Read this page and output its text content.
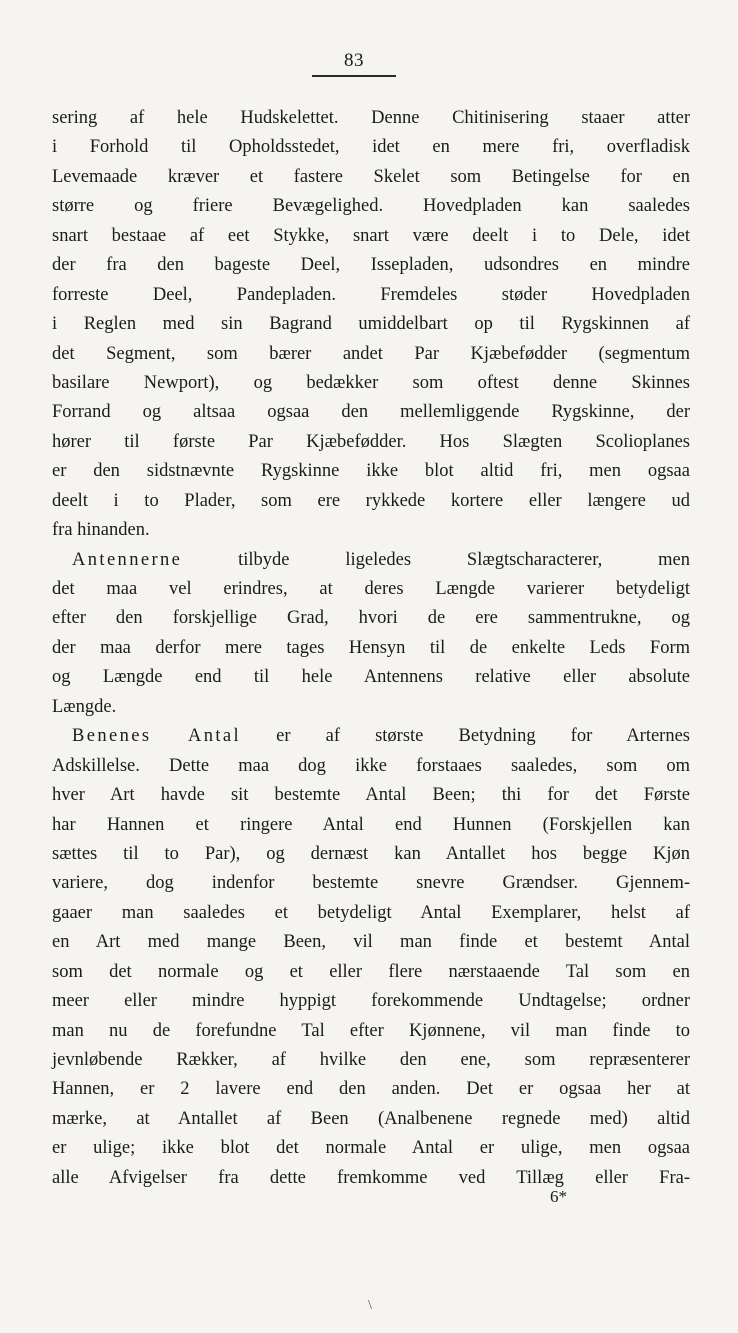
83
sering af hele Hudskelettet. Denne Chitinisering staaer atter
i Forhold til Opholdsstedet, idet en mere fri, overfladisk
Levemaade kræver et fastere Skelet som Betingelse for en
større og friere Bevægelighed. Hovedpladen kan saaledes
snart bestaae af eet Stykke, snart være deelt i to Dele, idet
der fra den bageste Deel, Issepladen, udsondres en mindre
forreste Deel, Pandepladen. Fremdeles støder Hovedpladen
i Reglen med sin Bagrand umiddelbart op til Rygskinnen af
det Segment, som bærer andet Par Kjæbefødder (segmentum
basilare Newport), og bedækker som oftest denne Skinnes
Forrand og altsaa ogsaa den mellemliggende Rygskinne, der
hører til første Par Kjæbefødder. Hos Slægten Scolioplanes
er den sidstnævnte Rygskinne ikke blot altid fri, men ogsaa
deelt i to Plader, som ere rykkede kortere eller længere ud
fra hinanden.
Antennerne tilbyde ligeledes Slægtscharacterer, men
det maa vel erindres, at deres Længde varierer betydeligt
efter den forskjellige Grad, hvori de ere sammentrukne, og
der maa derfor mere tages Hensyn til de enkelte Leds Form
og Længde end til hele Antennens relative eller absolute
Længde.
Benenes Antal er af største Betydning for Arternes
Adskillelse. Dette maa dog ikke forstaaes saaledes, som om
hver Art havde sit bestemte Antal Been; thi for det Første
har Hannen et ringere Antal end Hunnen (Forskjellen kan
sættes til to Par), og dernæst kan Antallet hos begge Kjøn
variere, dog indenfor bestemte snevre Grændser. Gjennem-
gaaer man saaledes et betydeligt Antal Exemplarer, helst af
en Art med mange Been, vil man finde et bestemt Antal
som det normale og et eller flere nærstaaende Tal som en
meer eller mindre hyppigt forekommende Undtagelse; ordner
man nu de forefundne Tal efter Kjønnene, vil man finde to
jevnløbende Rækker, af hvilke den ene, som repræsenterer
Hannen, er 2 lavere end den anden. Det er ogsaa her at
mærke, at Antallet af Been (Analbenene regnede med) altid
er ulige; ikke blot det normale Antal er ulige, men ogsaa
alle Afvigelser fra dette fremkomme ved Tillæg eller Fra-
6*
\
